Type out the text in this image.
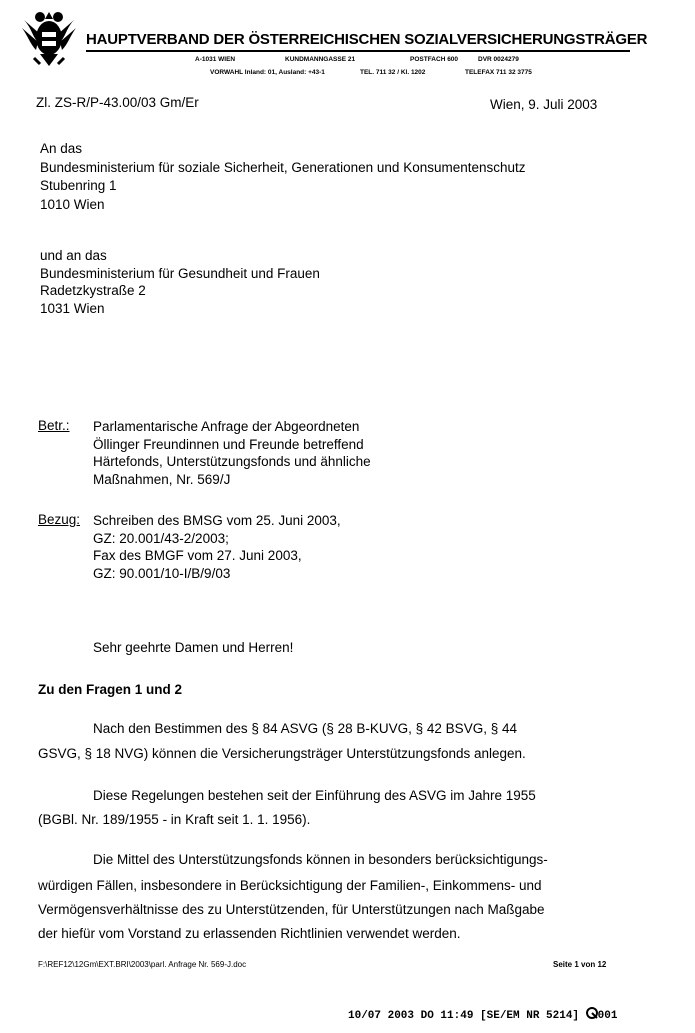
HAUPTVERBAND DER ÖSTERREICHISCHEN SOZIALVERSICHERUNGSTRÄGER
A-1031 WIEN	KUNDMANNGASSE 21	POSTFACH 600	DVR 0024279
VORWAHL Inland: 01, Ausland: +43-1	TEL. 711 32 / Kl. 1202	TELEFAX 711 32 3775
Zl. ZS-R/P-43.00/03 Gm/Er	Wien, 9. Juli 2003
An das
Bundesministerium für soziale Sicherheit, Generationen und Konsumentenschutz
Stubenring 1
1010 Wien
und an das
Bundesministerium für Gesundheit und Frauen
Radetzkystraße 2
1031 Wien
Betr.: Parlamentarische Anfrage der Abgeordneten
Öllinger Freundinnen und Freunde betreffend
Härtefonds, Unterstützungsfonds und ähnliche
Maßnahmen, Nr. 569/J
Bezug: Schreiben des BMSG vom 25. Juni 2003,
GZ: 20.001/43-2/2003;
Fax des BMGF vom 27. Juni 2003,
GZ: 90.001/10-I/B/9/03
Sehr geehrte Damen und Herren!
Zu den Fragen 1 und 2
Nach den Bestimmen des § 84 ASVG (§ 28 B-KUVG, § 42 BSVG, § 44
GSVG, § 18 NVG) können die Versicherungsträger Unterstützungsfonds anlegen.
Diese Regelungen bestehen seit der Einführung des ASVG im Jahre 1955
(BGBl. Nr. 189/1955 - in Kraft seit 1. 1. 1956).
Die Mittel des Unterstützungsfonds können in besonders berücksichtigungs-
würdigen Fällen, insbesondere in Berücksichtigung der Familien-, Einkommens- und
Vermögensverhältnisse des zu Unterstützenden, für Unterstützungen nach Maßgabe
der hiefür vom Vorstand zu erlassenden Richtlinien verwendet werden.
F:\REF12\12Gm\EXT.BRI\2003\parl. Anfrage Nr. 569-J.doc	Seite 1 von 12
10/07 2003 DO 11:49 [SE/EM NR 5214] 001
